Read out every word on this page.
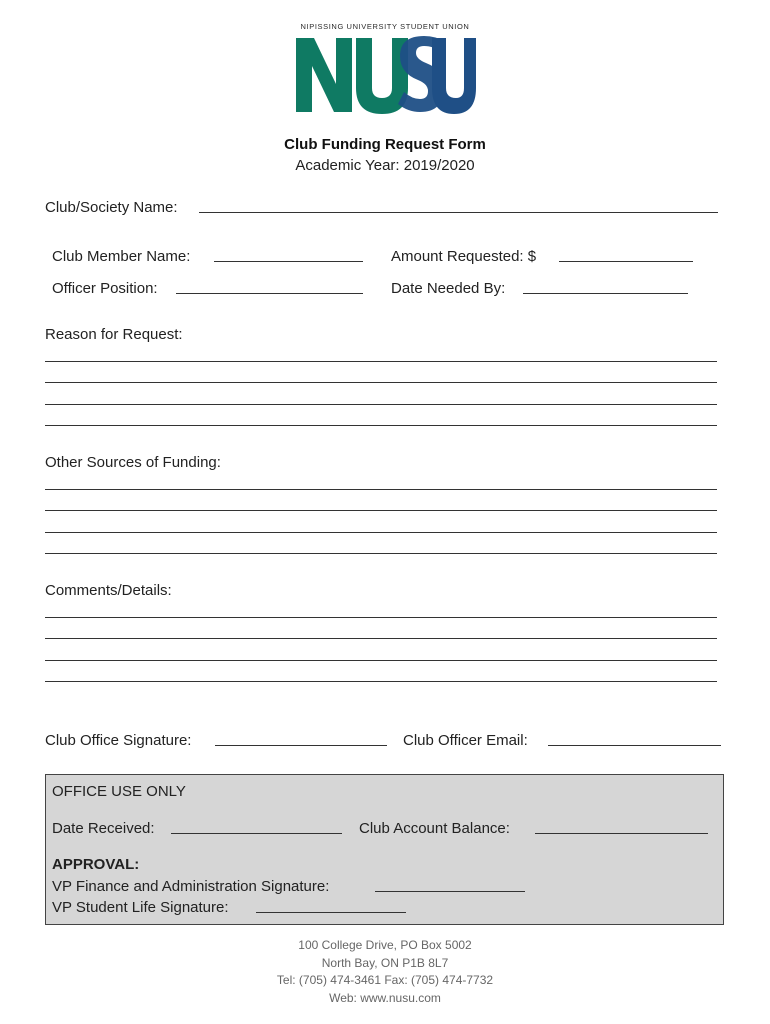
NIPISSING UNIVERSITY STUDENT UNION
Club Funding Request Form
Academic Year: 2019/2020
Club/Society Name:
Club Member Name:	Amount Requested: $
Officer Position:	Date Needed By:
Reason for Request:
Other Sources of Funding:
Comments/Details:
Club Office Signature:	Club Officer Email:
OFFICE USE ONLY
Date Received:	Club Account Balance:
APPROVAL:
VP Finance and Administration Signature:
VP Student Life Signature:
100 College Drive, PO Box 5002
North Bay, ON P1B 8L7
Tel: (705) 474-3461 Fax: (705) 474-7732
Web: www.nusu.com
